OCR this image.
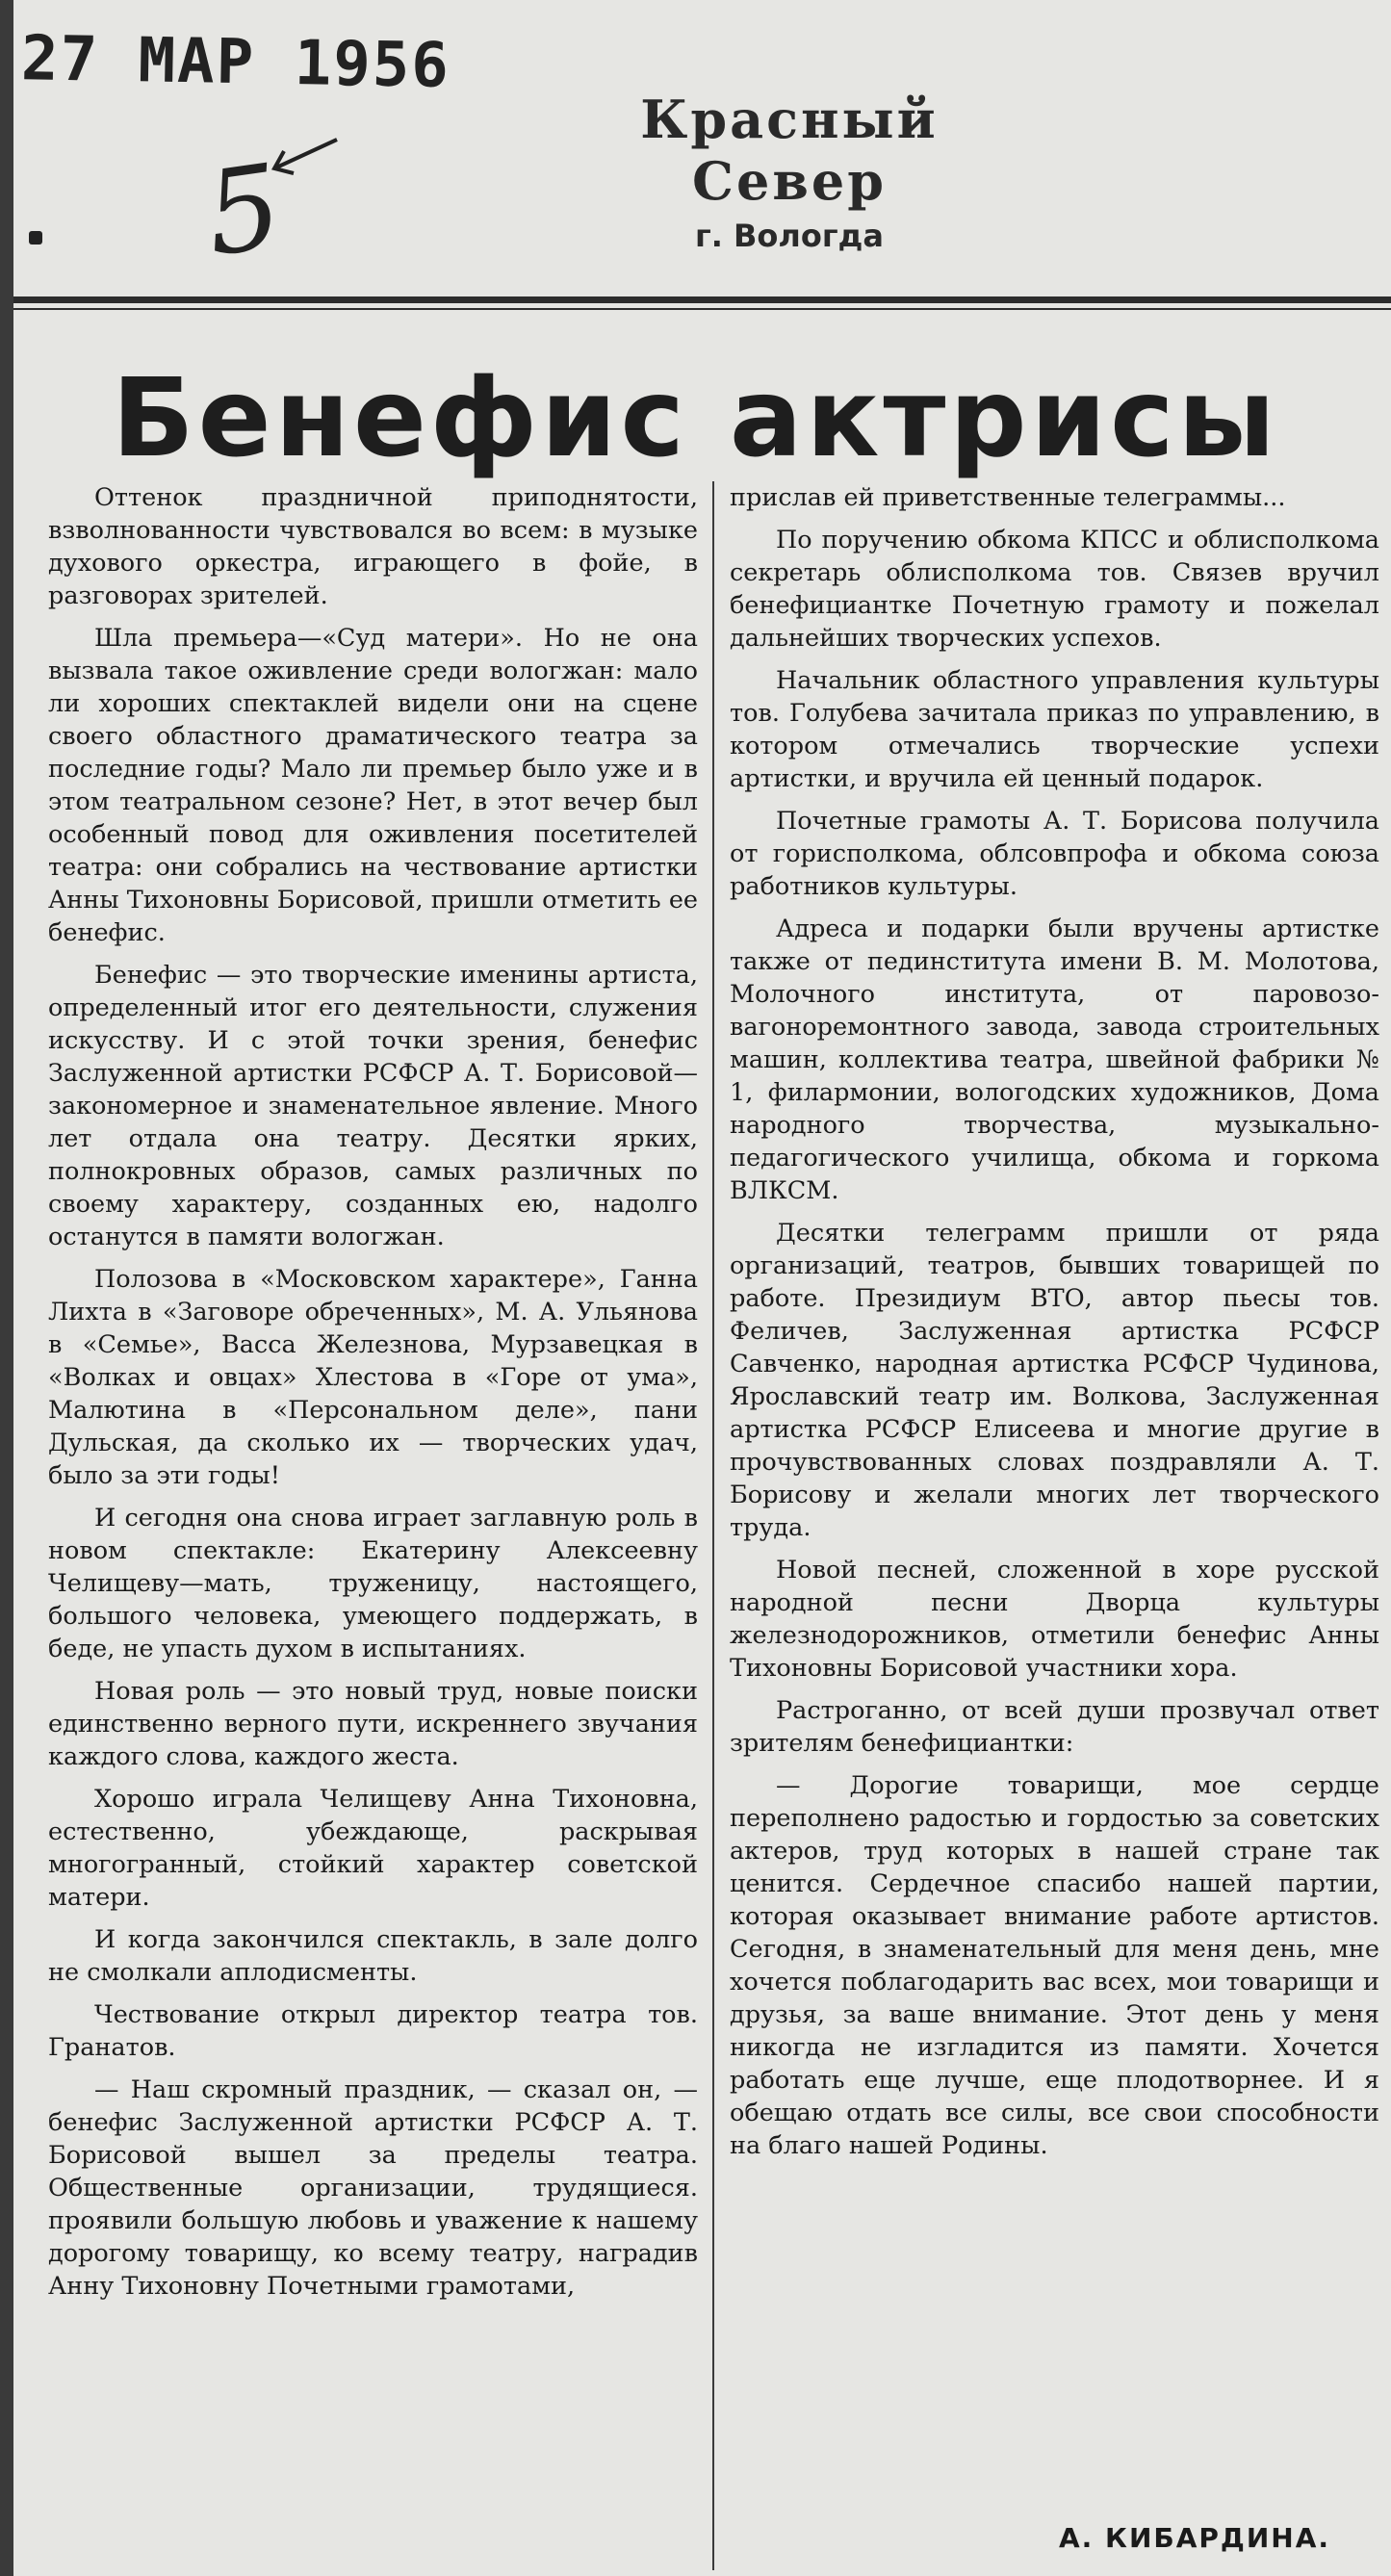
27 МАР 1956
5
Красный Север
г. Вологда
Бенефис актрисы

Оттенок праздничной приподнятости, взволнованности чувствовался во всем: в музыке духового оркестра, играющего в фойе, в разговорах зрителей.

Шла премьера—«Суд матери». Но не она вызвала такое оживление среди вологжан: мало ли хороших спектаклей видели они на сцене своего областного драматического театра за последние годы? Мало ли премьер было уже и в этом театральном сезоне? Нет, в этот вечер был особенный повод для оживления посетителей театра: они собрались на чествование артистки Анны Тихоновны Борисовой, пришли отметить ее бенефис.

Бенефис — это творческие именины артиста, определенный итог его деятельности, служения искусству. И с этой точки зрения, бенефис Заслуженной артистки РСФСР А. Т. Борисовой—закономерное и знаменательное явление. Много лет отдала она театру. Десятки ярких, полнокровных образов, самых различных по своему характеру, созданных ею, надолго останутся в памяти вологжан.

Полозова в «Московском характере», Ганна Лихта в «Заговоре обреченных», М. А. Ульянова в «Семье», Васса Железнова, Мурзавецкая в «Волках и овцах» Хлестова в «Горе от ума», Малютина в «Персональном деле», пани Дульская, да сколько их — творческих удач, было за эти годы!

И сегодня она снова играет заглавную роль в новом спектакле: Екатерину Алексеевну Челищеву—мать, труженицу, настоящего, большого человека, умеющего поддержать, в беде, не упасть духом в испытаниях.

Новая роль — это новый труд, новые поиски единственно верного пути, искреннего звучания каждого слова, каждого жеста.

Хорошо играла Челищеву Анна Тихоновна, естественно, убеждающе, раскрывая многогранный, стойкий характер советской матери.

И когда закончился спектакль, в зале долго не смолкали аплодисменты.

Чествование открыл директор театра тов. Гранатов.

— Наш скромный праздник, — сказал он, — бенефис Заслуженной артистки РСФСР А. Т. Борисовой вышел за пределы театра. Общественные организации, трудящиеся. проявили большую любовь и уважение к нашему дорогому товарищу, ко всему театру, наградив Анну Тихоновну Почетными грамотами,

прислав ей приветственные телеграммы...

По поручению обкома КПСС и облисполкома секретарь облисполкома тов. Связев вручил бенефициантке Почетную грамоту и пожелал дальнейших творческих успехов.

Начальник областного управления культуры тов. Голубева зачитала приказ по управлению, в котором отмечались творческие успехи артистки, и вручила ей ценный подарок.

Почетные грамоты А. Т. Борисова получила от горисполкома, облсовпрофа и обкома союза работников культуры.

Адреса и подарки были вручены артистке также от пединститута имени В. М. Молотова, Молочного института, от паровозо-вагоноремонтного завода, завода строительных машин, коллектива театра, швейной фабрики № 1, филармонии, вологодских художников, Дома народного творчества, музыкально-педагогического училища, обкома и горкома ВЛКСМ.

Десятки телеграмм пришли от ряда организаций, театров, бывших товарищей по работе. Президиум ВТО, автор пьесы тов. Феличев, Заслуженная артистка РСФСР Савченко, народная артистка РСФСР Чудинова, Ярославский театр им. Волкова, Заслуженная артистка РСФСР Елисеева и многие другие в прочувствованных словах поздравляли А. Т. Борисову и желали многих лет творческого труда.

Новой песней, сложенной в хоре русской народной песни Дворца культуры железнодорожников, отметили бенефис Анны Тихоновны Борисовой участники хора.

Растроганно, от всей души прозвучал ответ зрителям бенефициантки:

— Дорогие товарищи, мое сердце переполнено радостью и гордостью за советских актеров, труд которых в нашей стране так ценится. Сердечное спасибо нашей партии, которая оказывает внимание работе артистов. Сегодня, в знаменательный для меня день, мне хочется поблагодарить вас всех, мои товарищи и друзья, за ваше внимание. Этот день у меня никогда не изгладится из памяти. Хочется работать еще лучше, еще плодотворнее. И я обещаю отдать все силы, все свои способности на благо нашей Родины.

А. КИБАРДИНА.
